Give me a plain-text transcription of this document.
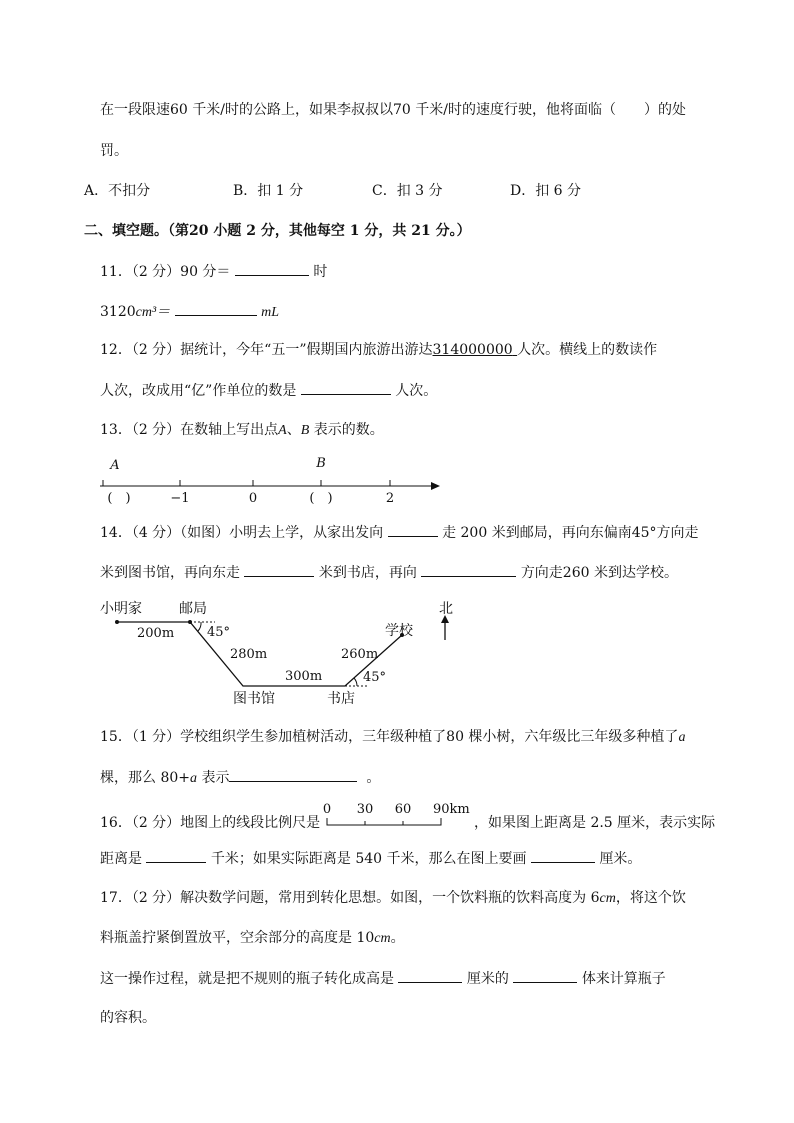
在一段限速60 千米/时的公路上，如果李叔叔以70 千米/时的速度行驶，他将面临（　　）的处
罚。
A．不扣分	B．扣 1 分	C．扣 3 分	D．扣 6 分
二、填空题。（第20 小题 2 分，其他每空 1 分，共 21 分。）
11．（2 分）90 分＝	时
3120cm³＝	mL
12．（2 分）据统计，今年“五一”假期国内旅游出游达314000000 人次。横线上的数读作
人次，改成用“亿”作单位的数是	人次。
13．（2 分）在数轴上写出点A、B 表示的数。
A	B
(　)	−1	0	(　)	2
14．（4 分）（如图）小明去上学，从家出发向	走 200 米到邮局，再向东偏南45°方向走
米到图书馆，再向东走	米到书店，再向	方向走260 米到达学校。
小明家	邮局
学校
北
图书馆	书店
200m
280m
300m
260m
45°
45°
15．（1 分）学校组织学生参加植树活动，三年级种植了80 棵小树，六年级比三年级多种植了a
棵，那么 80+a 表示	。
16．（2 分）地图上的线段比例尺是
0 30 60 90km
，如果图上距离是 2.5 厘米，表示实际
距离是	千米；如果实际距离是 540 千米，那么在图上要画	厘米。
17．（2 分）解决数学问题，常用到转化思想。如图，一个饮料瓶的饮料高度为 6cm，将这个饮
料瓶盖拧紧倒置放平，空余部分的高度是 10cm。
这一操作过程，就是把不规则的瓶子转化成高是	厘米的	体来计算瓶子
的容积。
